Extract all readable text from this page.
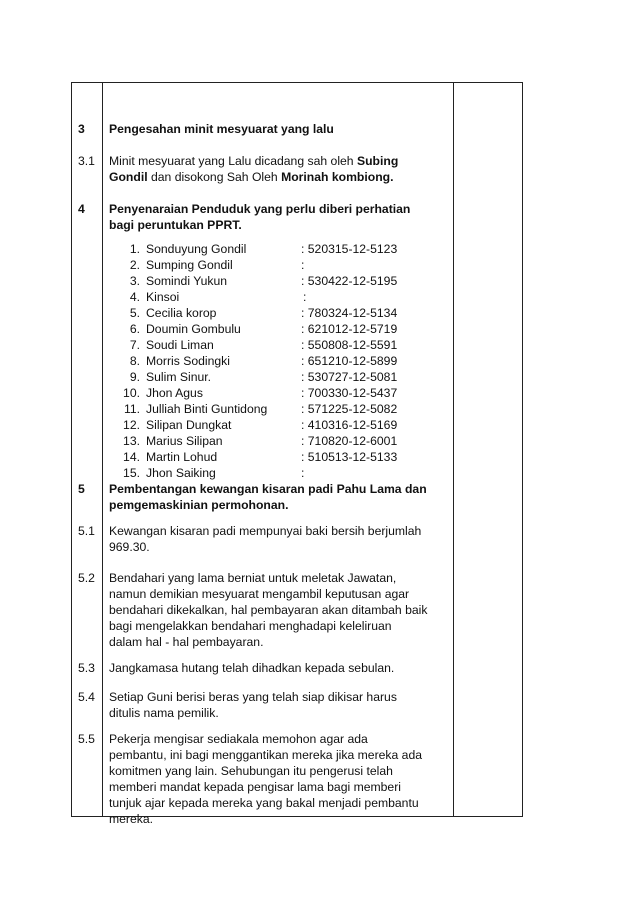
3 Pengesahan minit mesyuarat yang lalu
3.1 Minit mesyuarat yang Lalu dicadang sah oleh Subing
Gondil dan disokong Sah Oleh Morinah kombiong.
4 Penyenaraian Penduduk yang perlu diberi perhatian
bagi peruntukan PPRT.
1. Sonduyung Gondil	: 520315-12-5123
2. Sumping Gondil	:
3. Somindi Yukun	: 530422-12-5195
4. Kinsoi	:
5. Cecilia korop	: 780324-12-5134
6. Doumin Gombulu	: 621012-12-5719
7. Soudi Liman	: 550808-12-5591
8. Morris Sodingki	: 651210-12-5899
9. Sulim Sinur.	: 530727-12-5081
10. Jhon Agus	: 700330-12-5437
11. Julliah Binti Guntidong	: 571225-12-5082
12. Silipan Dungkat	: 410316-12-5169
13. Marius Silipan	: 710820-12-6001
14. Martin Lohud	: 510513-12-5133
15. Jhon Saiking	:
5 Pembentangan kewangan kisaran padi Pahu Lama dan
pemgemaskinian permohonan.
5.1 Kewangan kisaran padi mempunyai baki bersih berjumlah
969.30.
5.2 Bendahari yang lama berniat untuk meletak Jawatan,
namun demikian mesyuarat mengambil keputusan agar
bendahari dikekalkan, hal pembayaran akan ditambah baik
bagi mengelakkan bendahari menghadapi keleliruan
dalam hal - hal pembayaran.
5.3 Jangkamasa hutang telah dihadkan kepada sebulan.
5.4 Setiap Guni berisi beras yang telah siap dikisar harus
ditulis nama pemilik.
5.5 Pekerja mengisar sediakala memohon agar ada
pembantu, ini bagi menggantikan mereka jika mereka ada
komitmen yang lain. Sehubungan itu pengerusi telah
memberi mandat kepada pengisar lama bagi memberi
tunjuk ajar kepada mereka yang bakal menjadi pembantu
mereka.
